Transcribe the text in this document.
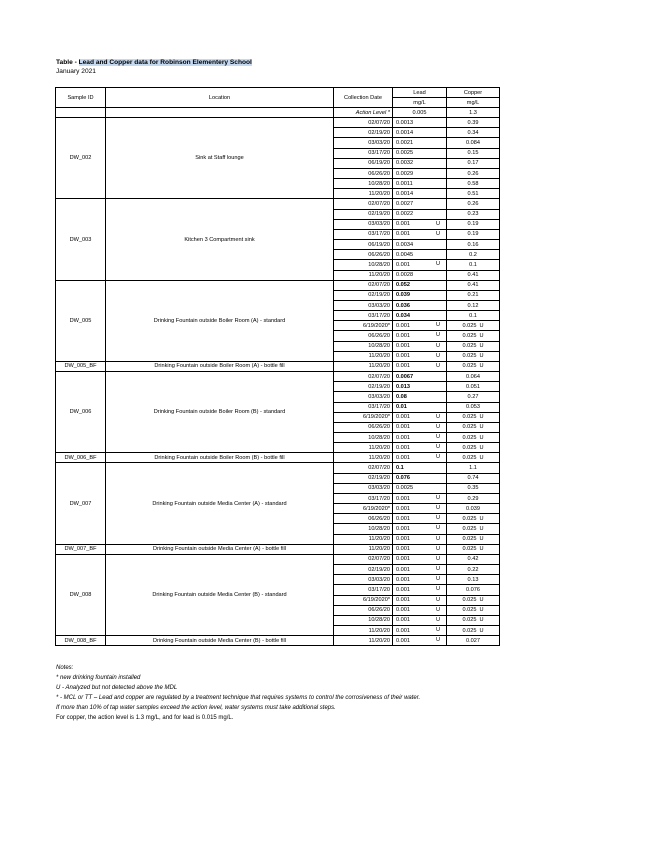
Table - Lead and Copper data for Robinson Elementery School
January 2021
Sample ID	Location	Collection Date	Lead	Copper
			mg/L	mg/L
		Action Level *	0.005	1.3
DW_002	Sink at Staff lounge	02/07/20	0.0013	0.39
		02/19/20	0.0014	0.34
		03/03/20	0.0021	0.084
		03/17/20	0.0025	0.15
		06/19/20	0.0032	0.17
		06/26/20	0.0029	0.26
		10/28/20	0.0011	0.58
		11/20/20	0.0014	0.51
DW_003	Kitchen 3 Compartment sink	02/07/20	0.0027	0.26
		02/19/20	0.0022	0.23
		03/03/20	0.001 U	0.19
		03/17/20	0.001 U	0.19
		06/19/20	0.0034	0.16
		06/26/20	0.0045	0.2
		10/28/20	0.001 U	0.1
		11/20/20	0.0028	0.41
DW_005	Drinking Fountain outside Boiler Room (A) - standard	02/07/20	0.052	0.41
		02/19/20	0.039	0.21
		03/03/20	0.036	0.12
		03/17/20	0.034	0.1
		6/19/2020*	0.001 U	0.025 U
		06/26/20	0.001 U	0.025 U
		10/28/20	0.001 U	0.025 U
		11/20/20	0.001 U	0.025 U
DW_005_BF	Drinking Fountain outside Boiler Room (A) - bottle fill	11/20/20	0.001 U	0.025 U
DW_006	Drinking Fountain outside Boiler Room (B) - standard	02/07/20	0.0067	0.064
		02/19/20	0.013	0.051
		03/03/20	0.08	0.27
		03/17/20	0.01	0.053
		6/19/2020*	0.001 U	0.025 U
		06/26/20	0.001 U	0.025 U
		10/28/20	0.001 U	0.025 U
		11/20/20	0.001 U	0.025 U
DW_006_BF	Drinking Fountain outside Boiler Room (B) - bottle fill	11/20/20	0.001 U	0.025 U
DW_007	Drinking Fountain outside Media Center (A) - standard	02/07/20	0.1	1.1
		02/19/20	0.076	0.74
		03/03/20	0.0025	0.35
		03/17/20	0.001 U	0.29
		6/19/2020*	0.001 U	0.039
		06/26/20	0.001 U	0.025 U
		10/28/20	0.001 U	0.025 U
		11/20/20	0.001 U	0.025 U
DW_007_BF	Drinking Fountain outside Media Center (A) - bottle fill	11/20/20	0.001 U	0.025 U
DW_008	Drinking Fountain outside Media Center (B) - standard	02/07/20	0.001 U	0.42
		02/19/20	0.001 U	0.22
		03/03/20	0.001 U	0.13
		03/17/20	0.001 U	0.076
		6/19/2020*	0.001 U	0.025 U
		06/26/20	0.001 U	0.025 U
		10/28/20	0.001 U	0.025 U
		11/20/20	0.001 U	0.025 U
DW_008_BF	Drinking Fountain outside Media Center (B) - bottle fill	11/20/20	0.001 U	0.027
Notes:
* new drinking fountain installed
U - Analyzed but not detected above the MDL
* - MCL or TT – Lead and copper are regulated by a treatment technique that requires systems to control the corrosiveness of their water.
If more than 10% of tap water samples exceed the action level, water systems must take additional steps.
For copper, the action level is 1.3 mg/L, and for lead is 0.015 mg/L.
